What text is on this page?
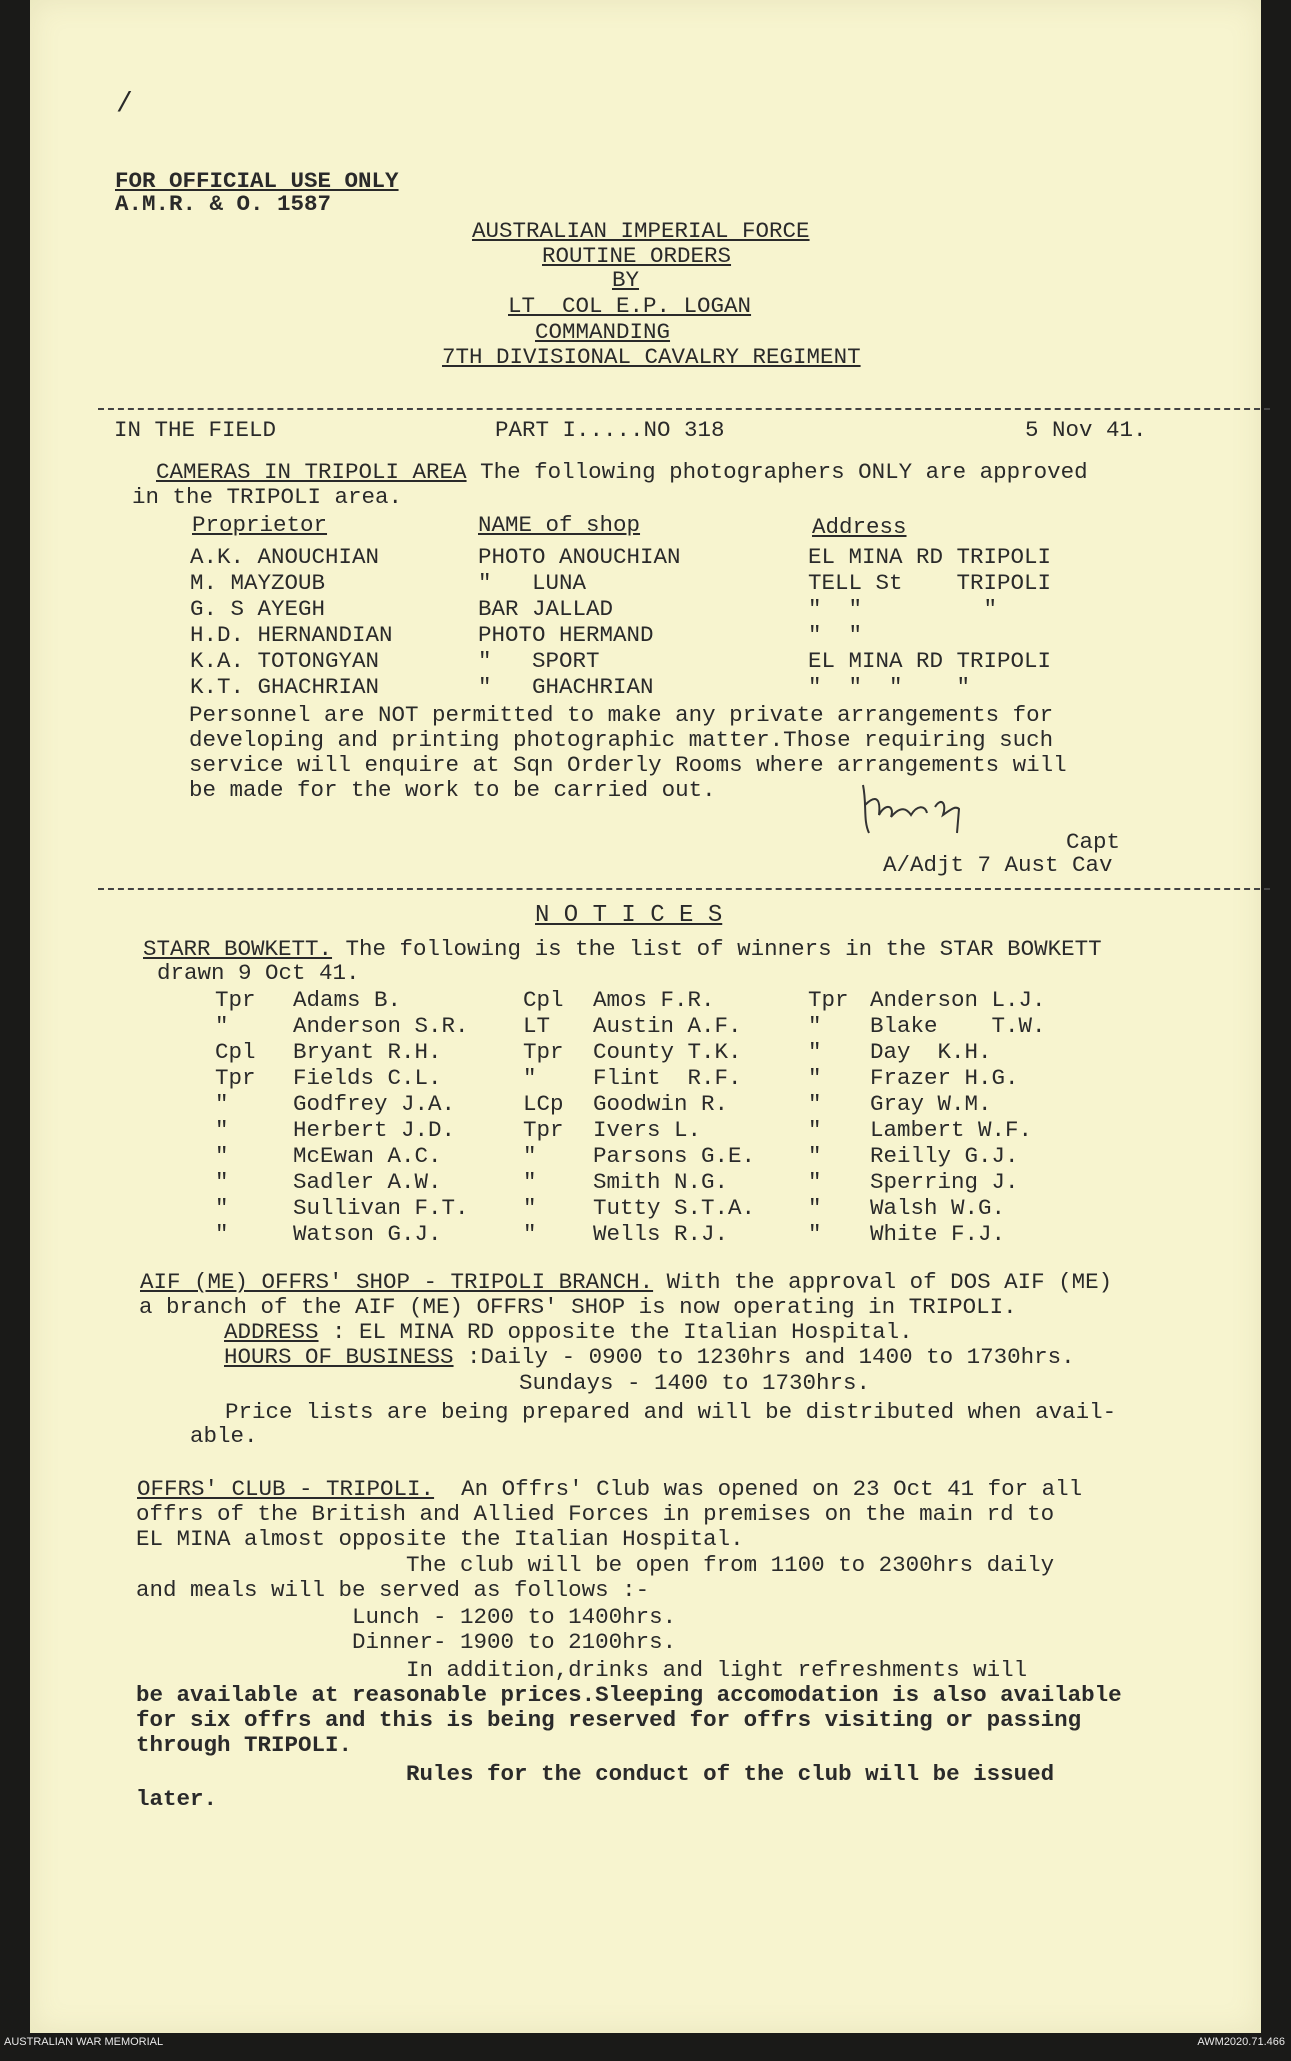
/
FOR OFFICIAL USE ONLY
A.M.R. & O. 1587
AUSTRALIAN IMPERIAL FORCE
ROUTINE ORDERS
BY
LT  COL E.P. LOGAN
COMMANDING
7TH DIVISIONAL CAVALRY REGIMENT
IN THE FIELD	PART I.....NO 318	5 Nov 41.
CAMERAS IN TRIPOLI AREA The following photographers ONLY are approved
in the TRIPOLI area.
Proprietor	NAME of shop	Address
A.K. ANOUCHIAN	PHOTO ANOUCHIAN	EL MINA RD TRIPOLI
M. MAYZOUB	"   LUNA	TELL St    TRIPOLI
G. S AYEGH	BAR JALLAD	"  "         "
H.D. HERNANDIAN	PHOTO HERMAND	"  "
K.A. TOTONGYAN	"   SPORT	EL MINA RD TRIPOLI
K.T. GHACHRIAN	"   GHACHRIAN	"  "  "    "
Personnel are NOT permitted to make any private arrangements for
developing and printing photographic matter.Those requiring such
service will enquire at Sqn Orderly Rooms where arrangements will
be made for the work to be carried out.
Capt
A/Adjt 7 Aust Cav
N O T I C E S
STARR BOWKETT. The following is the list of winners in the STAR BOWKETT
drawn 9 Oct 41.
Tpr	Adams B.	Cpl	Amos F.R.	Tpr	Anderson L.J.
"	Anderson S.R.	LT	Austin A.F.	"	Blake    T.W.
Cpl	Bryant R.H.	Tpr	County T.K.	"	Day  K.H.
Tpr	Fields C.L.	"	Flint  R.F.	"	Frazer H.G.
"	Godfrey J.A.	LCp	Goodwin R.	"	Gray W.M.
"	Herbert J.D.	Tpr	Ivers L.	"	Lambert W.F.
"	McEwan A.C.	"	Parsons G.E.	"	Reilly G.J.
"	Sadler A.W.	"	Smith N.G.	"	Sperring J.
"	Sullivan F.T.	"	Tutty S.T.A.	"	Walsh W.G.
"	Watson G.J.	"	Wells R.J.	"	White F.J.
AIF (ME) OFFRS' SHOP - TRIPOLI BRANCH. With the approval of DOS AIF (ME)
a branch of the AIF (ME) OFFRS' SHOP is now operating in TRIPOLI.
ADDRESS : EL MINA RD opposite the Italian Hospital.
HOURS OF BUSINESS :Daily - 0900 to 1230hrs and 1400 to 1730hrs.
Sundays - 1400 to 1730hrs.
Price lists are being prepared and will be distributed when avail-
able.
OFFRS' CLUB - TRIPOLI.  An Offrs' Club was opened on 23 Oct 41 for all
offrs of the British and Allied Forces in premises on the main rd to
EL MINA almost opposite the Italian Hospital.
The club will be open from 1100 to 2300hrs daily
and meals will be served as follows :-
Lunch - 1200 to 1400hrs.
Dinner- 1900 to 2100hrs.
In addition,drinks and light refreshments will
be available at reasonable prices.Sleeping accomodation is also available
for six offrs and this is being reserved for offrs visiting or passing
through TRIPOLI.
Rules for the conduct of the club will be issued
later.
AUSTRALIAN WAR MEMORIAL	AWM2020.71.466
